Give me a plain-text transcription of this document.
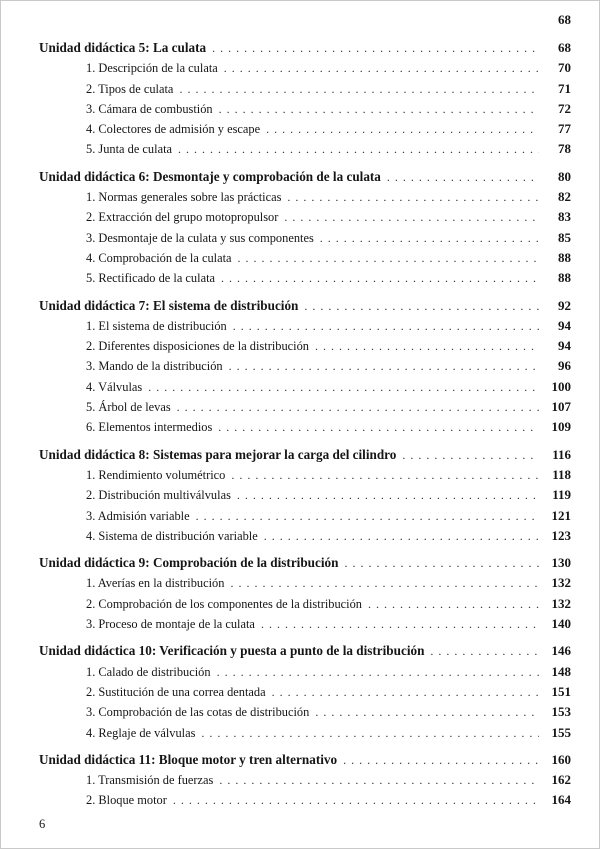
68
Unidad didáctica 5: La culata . . .	68
1. Descripción de la culata . . .	70
2. Tipos de culata . . .	71
3. Cámara de combustión . . .	72
4. Colectores de admisión y escape . . .	77
5. Junta de culata . . .	78
Unidad didáctica 6: Desmontaje y comprobación de la culata . . .	80
1. Normas generales sobre las prácticas . . .	82
2. Extracción del grupo motopropulsor . . .	83
3. Desmontaje de la culata y sus componentes . . .	85
4. Comprobación de la culata . . .	88
5. Rectificado de la culata . . .	88
Unidad didáctica 7: El sistema de distribución . . .	92
1. El sistema de distribución . . .	94
2. Diferentes disposiciones de la distribución . . .	94
3. Mando de la distribución . . .	96
4. Válvulas . . .	100
5. Árbol de levas . . .	107
6. Elementos intermedios . . .	109
Unidad didáctica 8: Sistemas para mejorar la carga del cilindro . . .	116
1. Rendimiento volumétrico . . .	118
2. Distribución multiválvulas . . .	119
3. Admisión variable . . .	121
4. Sistema de distribución variable . . .	123
Unidad didáctica 9: Comprobación de la distribución . . .	130
1. Averías en la distribución . . .	132
2. Comprobación de los componentes de la distribución . . .	132
3. Proceso de montaje de la culata . . .	140
Unidad didáctica 10: Verificación y puesta a punto de la distribución . . .	146
1. Calado de distribución . . .	148
2. Sustitución de una correa dentada . . .	151
3. Comprobación de las cotas de distribución . . .	153
4. Reglaje de válvulas . . .	155
Unidad didáctica 11: Bloque motor y tren alternativo . . .	160
1. Transmisión de fuerzas . . .	162
2. Bloque motor . . .	164
6
